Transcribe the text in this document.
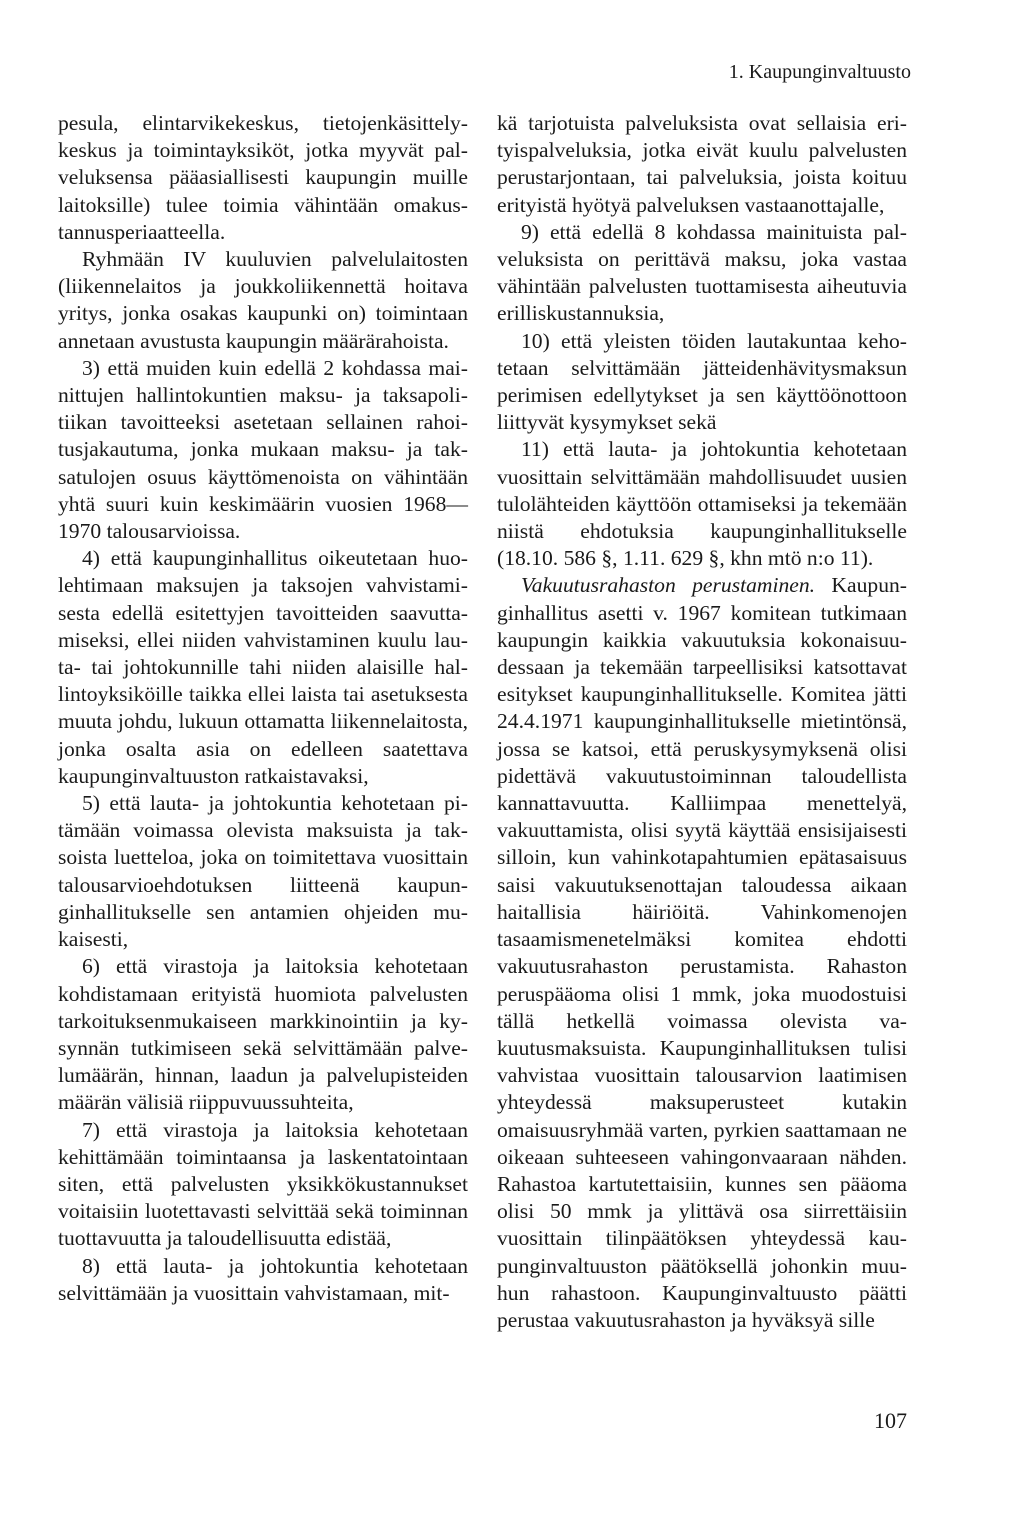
1. Kaupunginvaltuusto

pesula, elintarvikekeskus, tietojenkäsittelykeskus ja toimintayksiköt, jotka myyvät palveluksensa pääasiallisesti kaupungin muille laitoksille) tulee toimia vähintään omakustannusperiaatteella.

Ryhmään IV kuuluvien palvelulaitosten (liikennelaitos ja joukkoliikennettä hoitava yritys, jonka osakas kaupunki on) toimintaan annetaan avustusta kaupungin määrärahoista.

3) että muiden kuin edellä 2 kohdassa mainittujen hallintokuntien maksu- ja taksapolitiikan tavoitteeksi asetetaan sellainen rahoitusjakautuma, jonka mukaan maksu- ja taksatulojen osuus käyttömenoista on vähintään yhtä suuri kuin keskimäärin vuosien 1968—1970 talousarvioissa.

4) että kaupunginhallitus oikeutetaan huolehtimaan maksujen ja taksojen vahvistamisesta edellä esitettyjen tavoitteiden saavuttamiseksi, ellei niiden vahvistaminen kuulu lauta- tai johtokunnille tahi niiden alaisille hallintoyksiköille taikka ellei laista tai asetuksesta muuta johdu, lukuun ottamatta liikennelaitosta, jonka osalta asia on edelleen saatettava kaupunginvaltuuston ratkaistavaksi,

5) että lauta- ja johtokuntia kehotetaan pitämään voimassa olevista maksuista ja taksoista luetteloa, joka on toimitettava vuosittain talousarvioehdotuksen liitteenä kaupunginhallitukselle sen antamien ohjeiden mukaisesti,

6) että virastoja ja laitoksia kehotetaan kohdistamaan erityistä huomiota palvelusten tarkoituksenmukaiseen markkinointiin ja kysynnän tutkimiseen sekä selvittämään palvelumäärän, hinnan, laadun ja palvelupisteiden määrän välisiä riippuvuussuhteita,

7) että virastoja ja laitoksia kehotetaan kehittämään toimintaansa ja laskentatointaan siten, että palvelusten yksikkökustannukset voitaisiin luotettavasti selvittää sekä toiminnan tuottavuutta ja taloudellisuutta edistää,

8) että lauta- ja johtokuntia kehotetaan selvittämään ja vuosittain vahvistamaan, mit-

kä tarjotuista palveluksista ovat sellaisia erityispalveluksia, jotka eivät kuulu palvelusten perustarjontaan, tai palveluksia, joista koituu erityistä hyötyä palveluksen vastaanottajalle,

9) että edellä 8 kohdassa mainituista palveluksista on perittävä maksu, joka vastaa vähintään palvelusten tuottamisesta aiheutuvia erilliskustannuksia,

10) että yleisten töiden lautakuntaa kehotetaan selvittämään jätteidenhävitysmaksun perimisen edellytykset ja sen käyttöönottoon liittyvät kysymykset sekä

11) että lauta- ja johtokuntia kehotetaan vuosittain selvittämään mahdollisuudet uusien tulolähteiden käyttöön ottamiseksi ja tekemään niistä ehdotuksia kaupunginhallitukselle (18.10. 586 §, 1.11. 629 §, khn mtö n:o 11).

Vakuutusrahaston perustaminen. Kaupunginhallitus asetti v. 1967 komitean tutkimaan kaupungin kaikkia vakuutuksia kokonaisuudessaan ja tekemään tarpeellisiksi katsottavat esitykset kaupunginhallitukselle. Komitea jätti 24.4.1971 kaupunginhallitukselle mietintönsä, jossa se katsoi, että peruskysymyksenä olisi pidettävä vakuutustoiminnan taloudellista kannattavuutta. Kalliimpaa menettelyä, vakuuttamista, olisi syytä käyttää ensisijaisesti silloin, kun vahinkotapahtumien epätasaisuus saisi vakuutuksenottajan taloudessa aikaan haitallisia häiriöitä. Vahinkomenojen tasaamismenetelmäksi komitea ehdotti vakuutusrahaston perustamista. Rahaston peruspääoma olisi 1 mmk, joka muodostuisi tällä hetkellä voimassa olevista vakuutusmaksuista. Kaupunginhallituksen tulisi vahvistaa vuosittain talousarvion laatimisen yhteydessä maksuperusteet kutakin omaisuusryhmää varten, pyrkien saattamaan ne oikeaan suhteeseen vahingonvaaraan nähden. Rahastoa kartutettaisiin, kunnes sen pääoma olisi 50 mmk ja ylittävä osa siirrettäisiin vuosittain tilinpäätöksen yhteydessä kaupunginvaltuuston päätöksellä johonkin muuhun rahastoon. Kaupunginvaltuusto päätti perustaa vakuutusrahaston ja hyväksyä sille

107
